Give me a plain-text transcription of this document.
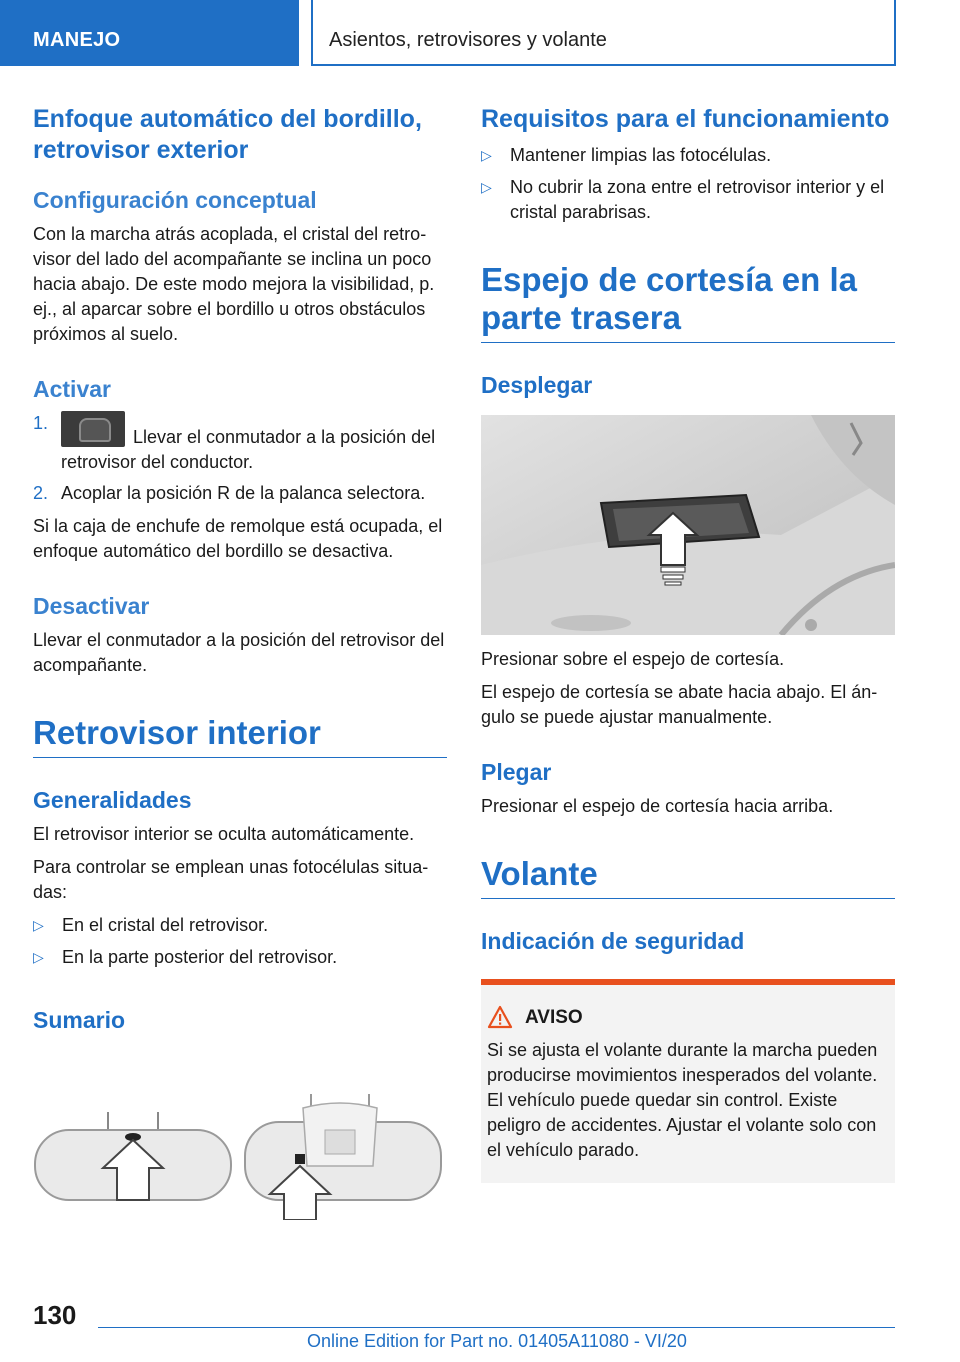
MANEJO	Asientos, retrovisores y volante
Enfoque automático del bordillo, retrovisor exterior
Configuración conceptual

Con la marcha atrás acoplada, el cristal del retrovisor del lado del acompañante se inclina un poco hacia abajo. De este modo mejora la visibilidad, p. ej., al aparcar sobre el bordillo u otros obstáculos próximos al suelo.

Activar
1.
Llevar el conmutador a la posición del retrovisor del conductor.
2. Acoplar la posición R de la palanca selectora.

Si la caja de enchufe de remolque está ocupada, el enfoque automático del bordillo se desactiva.

Desactivar

Llevar el conmutador a la posición del retrovisor del acompañante.

Retrovisor interior
Generalidades

El retrovisor interior se oculta automáticamente.

Para controlar se emplean unas fotocélulas situadas:

▷ En el cristal del retrovisor.
▷ En la parte posterior del retrovisor.
Sumario
Requisitos para el funcionamiento
▷ Mantener limpias las fotocélulas.
▷ No cubrir la zona entre el retrovisor interior y el cristal parabrisas.
Espejo de cortesía en la parte trasera
Desplegar

Presionar sobre el espejo de cortesía.

El espejo de cortesía se abate hacia abajo. El ángulo se puede ajustar manualmente.

Plegar

Presionar el espejo de cortesía hacia arriba.

Volante
Indicación de seguridad
AVISO

Si se ajusta el volante durante la marcha pueden producirse movimientos inesperados del volante. El vehículo puede quedar sin control. Existe peligro de accidentes. Ajustar el volante solo con el vehículo parado.

130
Online Edition for Part no. 01405A11080 - VI/20
